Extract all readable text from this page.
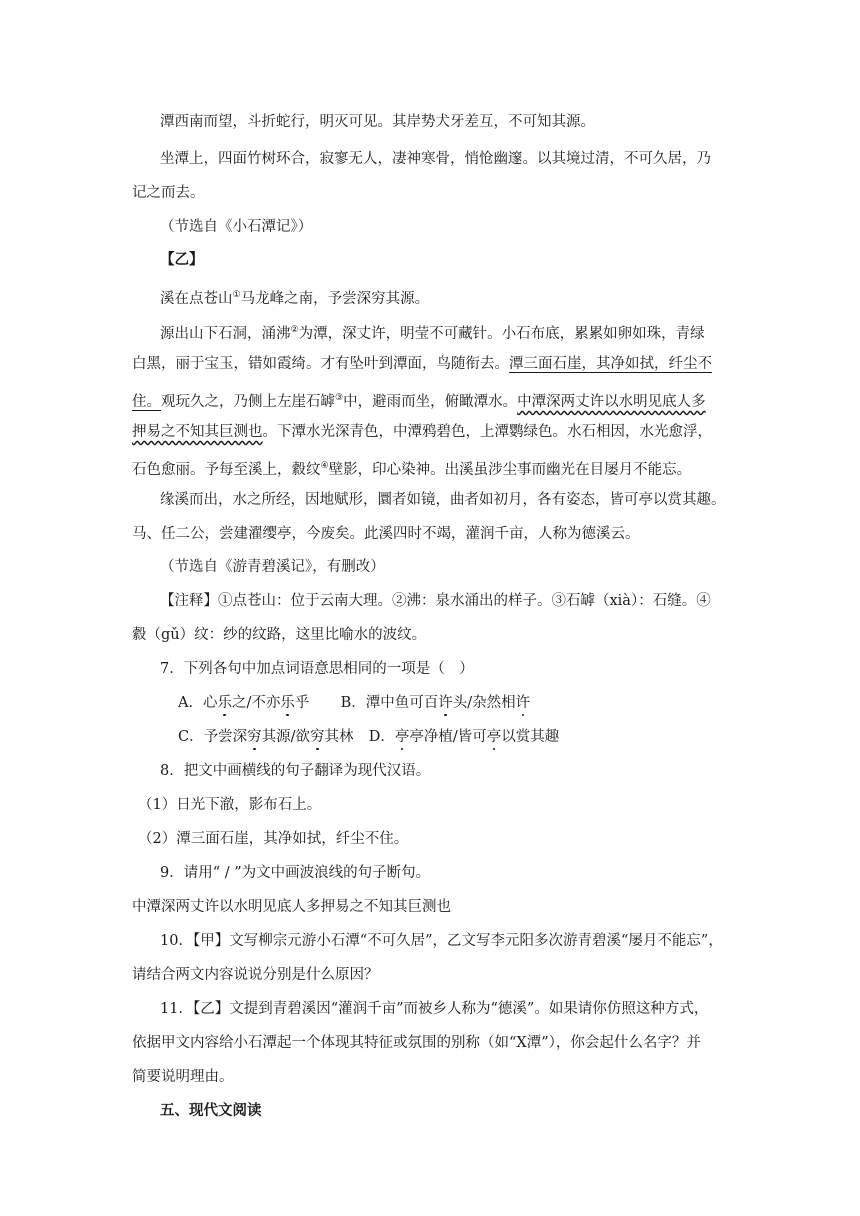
潭西南而望，斗折蛇行，明灭可见。其岸势犬牙差互，不可知其源。
坐潭上，四面竹树环合，寂寥无人，凄神寒骨，悄怆幽邃。以其境过清，不可久居，乃
记之而去。
（节选自《小石潭记》）
【乙】
溪在点苍山①马龙峰之南，予尝深穷其源。
源出山下石洞，涌沸②为潭，深丈许，明莹不可藏针。小石布底，累累如卵如珠，青绿
白黑，丽于宝玉，错如霞绮。才有坠叶到潭面，鸟随衔去。潭三面石崖，其净如拭，纤尘不
住。观玩久之，乃侧上左崖石罅③中，避雨而坐，俯瞰潭水。中潭深两丈许以水明见底人多
押易之不知其巨测也。下潭水光深青色，中潭鸦碧色，上潭鹦绿色。水石相因，水光愈浮，
石色愈丽。予每至溪上，縠纹④壁影，印心染神。出溪虽涉尘事而幽光在目屡月不能忘。
缘溪而出，水之所经，因地赋形，圜者如镜，曲者如初月，各有姿态，皆可亭以赏其趣。
马、任二公，尝建濯缨亭，今废矣。此溪四时不竭，灌润千亩，人称为德溪云。
（节选自《游青碧溪记》，有删改）
【注释】①点苍山：位于云南大理。②沸：泉水涌出的样子。③石罅（xià）：石缝。④
縠（gǔ）纹：纱的纹路，这里比喻水的波纹。
7．下列各句中加点词语意思相同的一项是（　）
A．心乐之/不亦乐乎 B．潭中鱼可百许头/杂然相许
C．予尝深穷其源/欲穷其林 D．亭亭净植/皆可亭以赏其趣
8．把文中画横线的句子翻译为现代汉语。
（1）日光下澈，影布石上。
（2）潭三面石崖，其净如拭，纤尘不住。
9．请用“ / ”为文中画波浪线的句子断句。
中潭深两丈许以水明见底人多押易之不知其巨测也
10．【甲】文写柳宗元游小石潭“不可久居”，乙文写李元阳多次游青碧溪“屡月不能忘”，
请结合两文内容说说分别是什么原因？
11．【乙】文提到青碧溪因“灌润千亩”而被乡人称为“德溪”。如果请你仿照这种方式，
依据甲文内容给小石潭起一个体现其特征或氛围的别称（如“X潭”），你会起什么名字？并
简要说明理由。
五、现代文阅读
